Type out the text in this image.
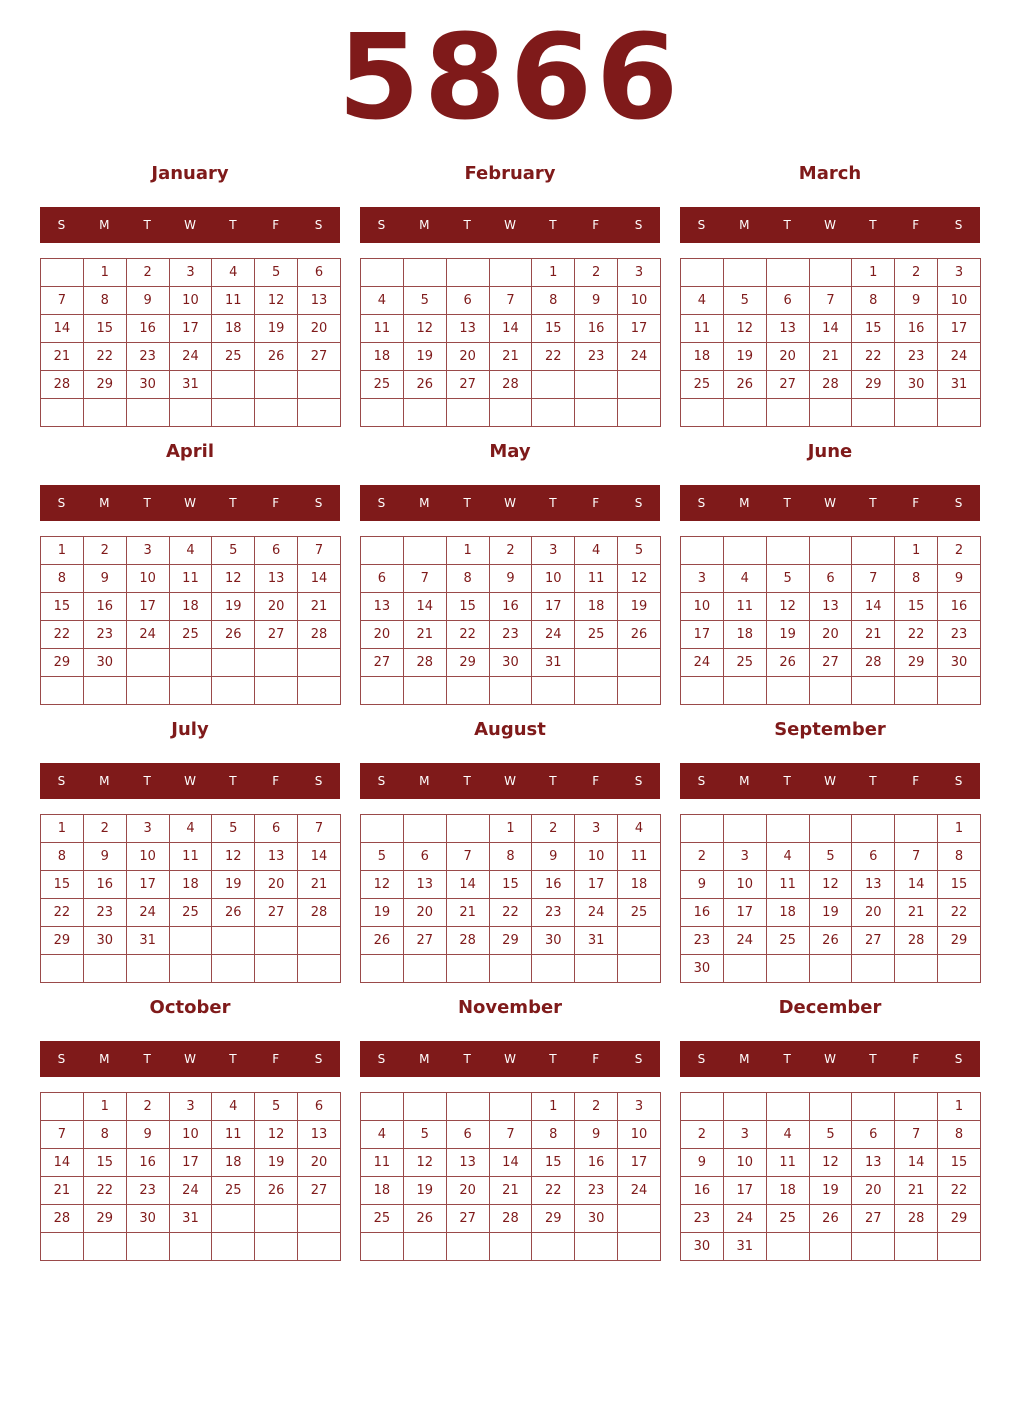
5866
January
S	M	T	W	T	F	S
	1	2	3	4	5	6
7	8	9	10	11	12	13
14	15	16	17	18	19	20
21	22	23	24	25	26	27
28	29	30	31			

February
S	M	T	W	T	F	S
				1	2	3
4	5	6	7	8	9	10
11	12	13	14	15	16	17
18	19	20	21	22	23	24
25	26	27	28			

March
S	M	T	W	T	F	S
				1	2	3
4	5	6	7	8	9	10
11	12	13	14	15	16	17
18	19	20	21	22	23	24
25	26	27	28	29	30	31

April
S	M	T	W	T	F	S
1	2	3	4	5	6	7
8	9	10	11	12	13	14
15	16	17	18	19	20	21
22	23	24	25	26	27	28
29	30					

May
S	M	T	W	T	F	S
		1	2	3	4	5
6	7	8	9	10	11	12
13	14	15	16	17	18	19
20	21	22	23	24	25	26
27	28	29	30	31		

June
S	M	T	W	T	F	S
					1	2
3	4	5	6	7	8	9
10	11	12	13	14	15	16
17	18	19	20	21	22	23
24	25	26	27	28	29	30

July
S	M	T	W	T	F	S
1	2	3	4	5	6	7
8	9	10	11	12	13	14
15	16	17	18	19	20	21
22	23	24	25	26	27	28
29	30	31				

August
S	M	T	W	T	F	S
			1	2	3	4
5	6	7	8	9	10	11
12	13	14	15	16	17	18
19	20	21	22	23	24	25
26	27	28	29	30	31	

September
S	M	T	W	T	F	S
						1
2	3	4	5	6	7	8
9	10	11	12	13	14	15
16	17	18	19	20	21	22
23	24	25	26	27	28	29
30						
October
S	M	T	W	T	F	S
	1	2	3	4	5	6
7	8	9	10	11	12	13
14	15	16	17	18	19	20
21	22	23	24	25	26	27
28	29	30	31			

November
S	M	T	W	T	F	S
				1	2	3
4	5	6	7	8	9	10
11	12	13	14	15	16	17
18	19	20	21	22	23	24
25	26	27	28	29	30	

December
S	M	T	W	T	F	S
						1
2	3	4	5	6	7	8
9	10	11	12	13	14	15
16	17	18	19	20	21	22
23	24	25	26	27	28	29
30	31					
